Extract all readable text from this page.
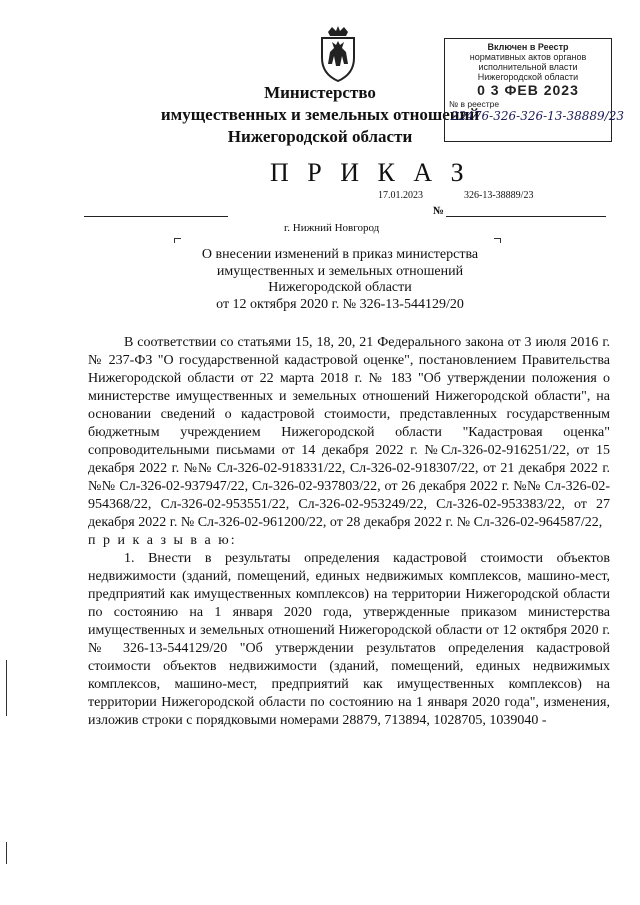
Министерство
имущественных и земельных отношений
Нижегородской области
Включен в Реестр
нормативных актов органов
исполнительной власти
Нижегородской области
0 3 ФЕВ 2023
№ в реестре
22476-326-326-13-38889/23
П Р И К А З
17.01.2023	326-13-38889/23
№
г. Нижний Новгород
О внесении изменений в приказ министерства
имущественных и земельных отношений
Нижегородской области
от 12 октября 2020 г. № 326-13-544129/20

В соответствии со статьями 15, 18, 20, 21 Федерального закона от 3 июля 2016 г. № 237-ФЗ "О государственной кадастровой оценке", постановлением Правительства Нижегородской области от 22 марта 2018 г. № 183 "Об утверждении положения о министерстве имущественных и земельных отношений Нижегородской области", на основании сведений о кадастровой стоимости, представленных государственным бюджетным учреждением Нижегородской области "Кадастровая оценка" сопроводительными письмами от 14 декабря 2022 г. №Сл-326-02-916251/22, от 15 декабря 2022 г. №№ Сл-326-02-918331/22, Сл-326-02-918307/22, от 21 декабря 2022 г. №№ Сл-326-02-937947/22, Сл-326-02-937803/22, от 26 декабря 2022 г. №№ Сл-326-02-954368/22, Сл-326-02-953551/22, Сл-326-02-953249/22, Сл-326-02-953383/22, от 27 декабря 2022 г. № Сл-326-02-961200/22, от 28 декабря 2022 г. № Сл-326-02-964587/22,

п р и к а з ы в а ю:

1. Внести в результаты определения кадастровой стоимости объектов недвижимости (зданий, помещений, единых недвижимых комплексов, машино-мест, предприятий как имущественных комплексов) на территории Нижегородской области по состоянию на 1 января 2020 года, утвержденные приказом министерства имущественных и земельных отношений Нижегородской области от 12 октября 2020 г. № 326-13-544129/20 "Об утверждении результатов определения кадастровой стоимости объектов недвижимости (зданий, помещений, единых недвижимых комплексов, машино-мест, предприятий как имущественных комплексов) на территории Нижегородской области по состоянию на 1 января 2020 года", изменения, изложив строки с порядковыми номерами 28879, 713894, 1028705, 1039040 -
